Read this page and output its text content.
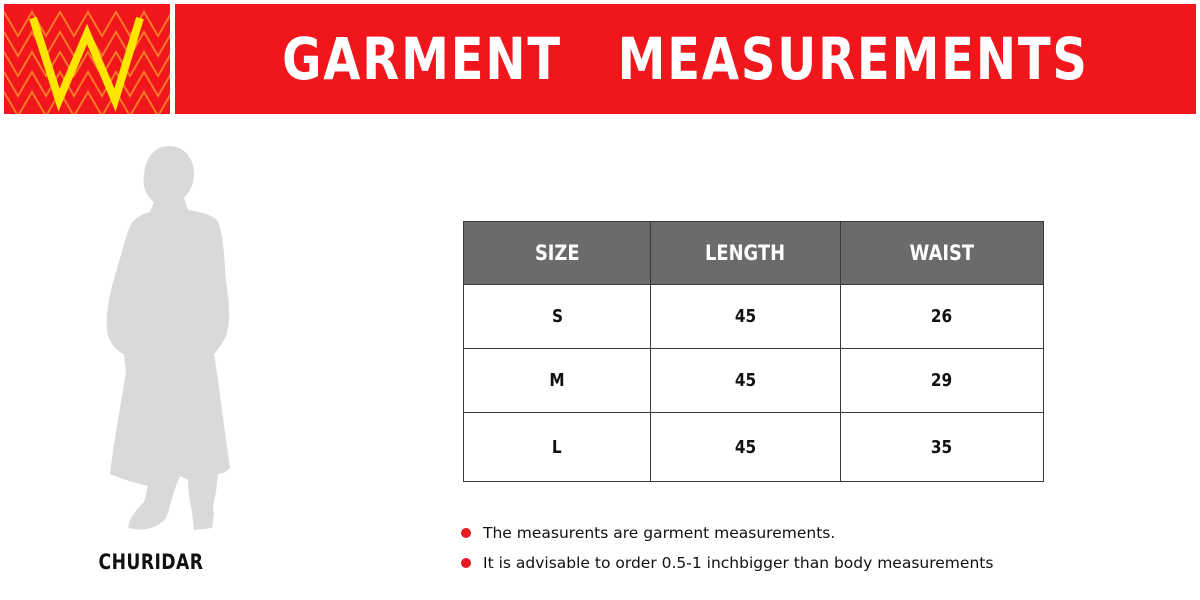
GARMENT   MEASUREMENTS
CHURIDAR
SIZE	LENGTH	WAIST
S	45	26
M	45	29
L	45	35
The measurents are garment measurements.
It is advisable to order 0.5-1 inchbigger than body measurements
